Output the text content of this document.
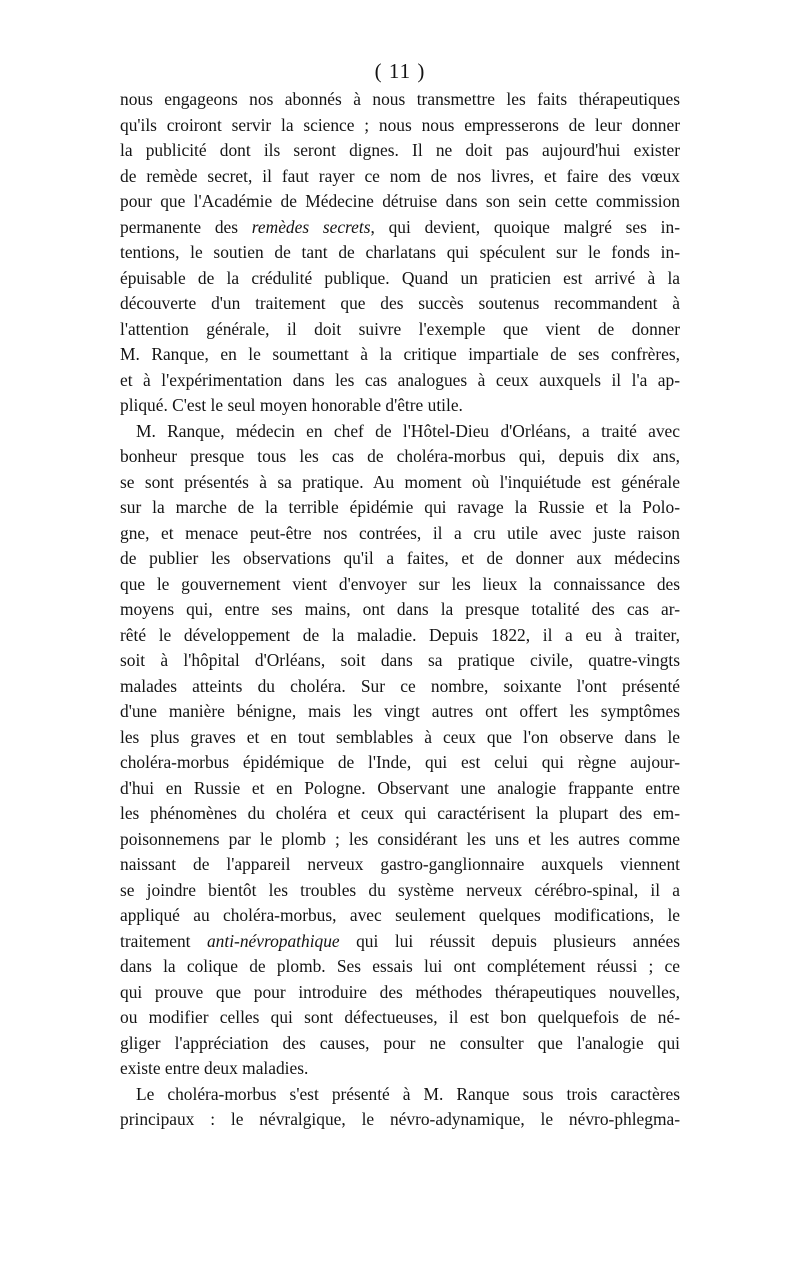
( 11 )
nous engageons nos abonnés à nous transmettre les faits thérapeutiques
qu'ils croiront servir la science ; nous nous empresserons de leur donner
la publicité dont ils seront dignes. Il ne doit pas aujourd'hui exister
de remède secret, il faut rayer ce nom de nos livres, et faire des vœux
pour que l'Académie de Médecine détruise dans son sein cette commission
permanente des remèdes secrets, qui devient, quoique malgré ses in-
tentions, le soutien de tant de charlatans qui spéculent sur le fonds in-
épuisable de la crédulité publique. Quand un praticien est arrivé à la
découverte d'un traitement que des succès soutenus recommandent à
l'attention générale, il doit suivre l'exemple que vient de donner
M. Ranque, en le soumettant à la critique impartiale de ses confrères,
et à l'expérimentation dans les cas analogues à ceux auxquels il l'a ap-
pliqué. C'est le seul moyen honorable d'être utile.
M. Ranque, médecin en chef de l'Hôtel-Dieu d'Orléans, a traité avec
bonheur presque tous les cas de choléra-morbus qui, depuis dix ans,
se sont présentés à sa pratique. Au moment où l'inquiétude est générale
sur la marche de la terrible épidémie qui ravage la Russie et la Polo-
gne, et menace peut-être nos contrées, il a cru utile avec juste raison
de publier les observations qu'il a faites, et de donner aux médecins
que le gouvernement vient d'envoyer sur les lieux la connaissance des
moyens qui, entre ses mains, ont dans la presque totalité des cas ar-
rêté le développement de la maladie. Depuis 1822, il a eu à traiter,
soit à l'hôpital d'Orléans, soit dans sa pratique civile, quatre-vingts
malades atteints du choléra. Sur ce nombre, soixante l'ont présenté
d'une manière bénigne, mais les vingt autres ont offert les symptômes
les plus graves et en tout semblables à ceux que l'on observe dans le
choléra-morbus épidémique de l'Inde, qui est celui qui règne aujour-
d'hui en Russie et en Pologne. Observant une analogie frappante entre
les phénomènes du choléra et ceux qui caractérisent la plupart des em-
poisonnemens par le plomb ; les considérant les uns et les autres comme
naissant de l'appareil nerveux gastro-ganglionnaire auxquels viennent
se joindre bientôt les troubles du système nerveux cérébro-spinal, il a
appliqué au choléra-morbus, avec seulement quelques modifications, le
traitement anti-névropathique qui lui réussit depuis plusieurs années
dans la colique de plomb. Ses essais lui ont complétement réussi ; ce
qui prouve que pour introduire des méthodes thérapeutiques nouvelles,
ou modifier celles qui sont défectueuses, il est bon quelquefois de né-
gliger l'appréciation des causes, pour ne consulter que l'analogie qui
existe entre deux maladies.
Le choléra-morbus s'est présenté à M. Ranque sous trois caractères
principaux : le névralgique, le névro-adynamique, le névro-phlegma-
